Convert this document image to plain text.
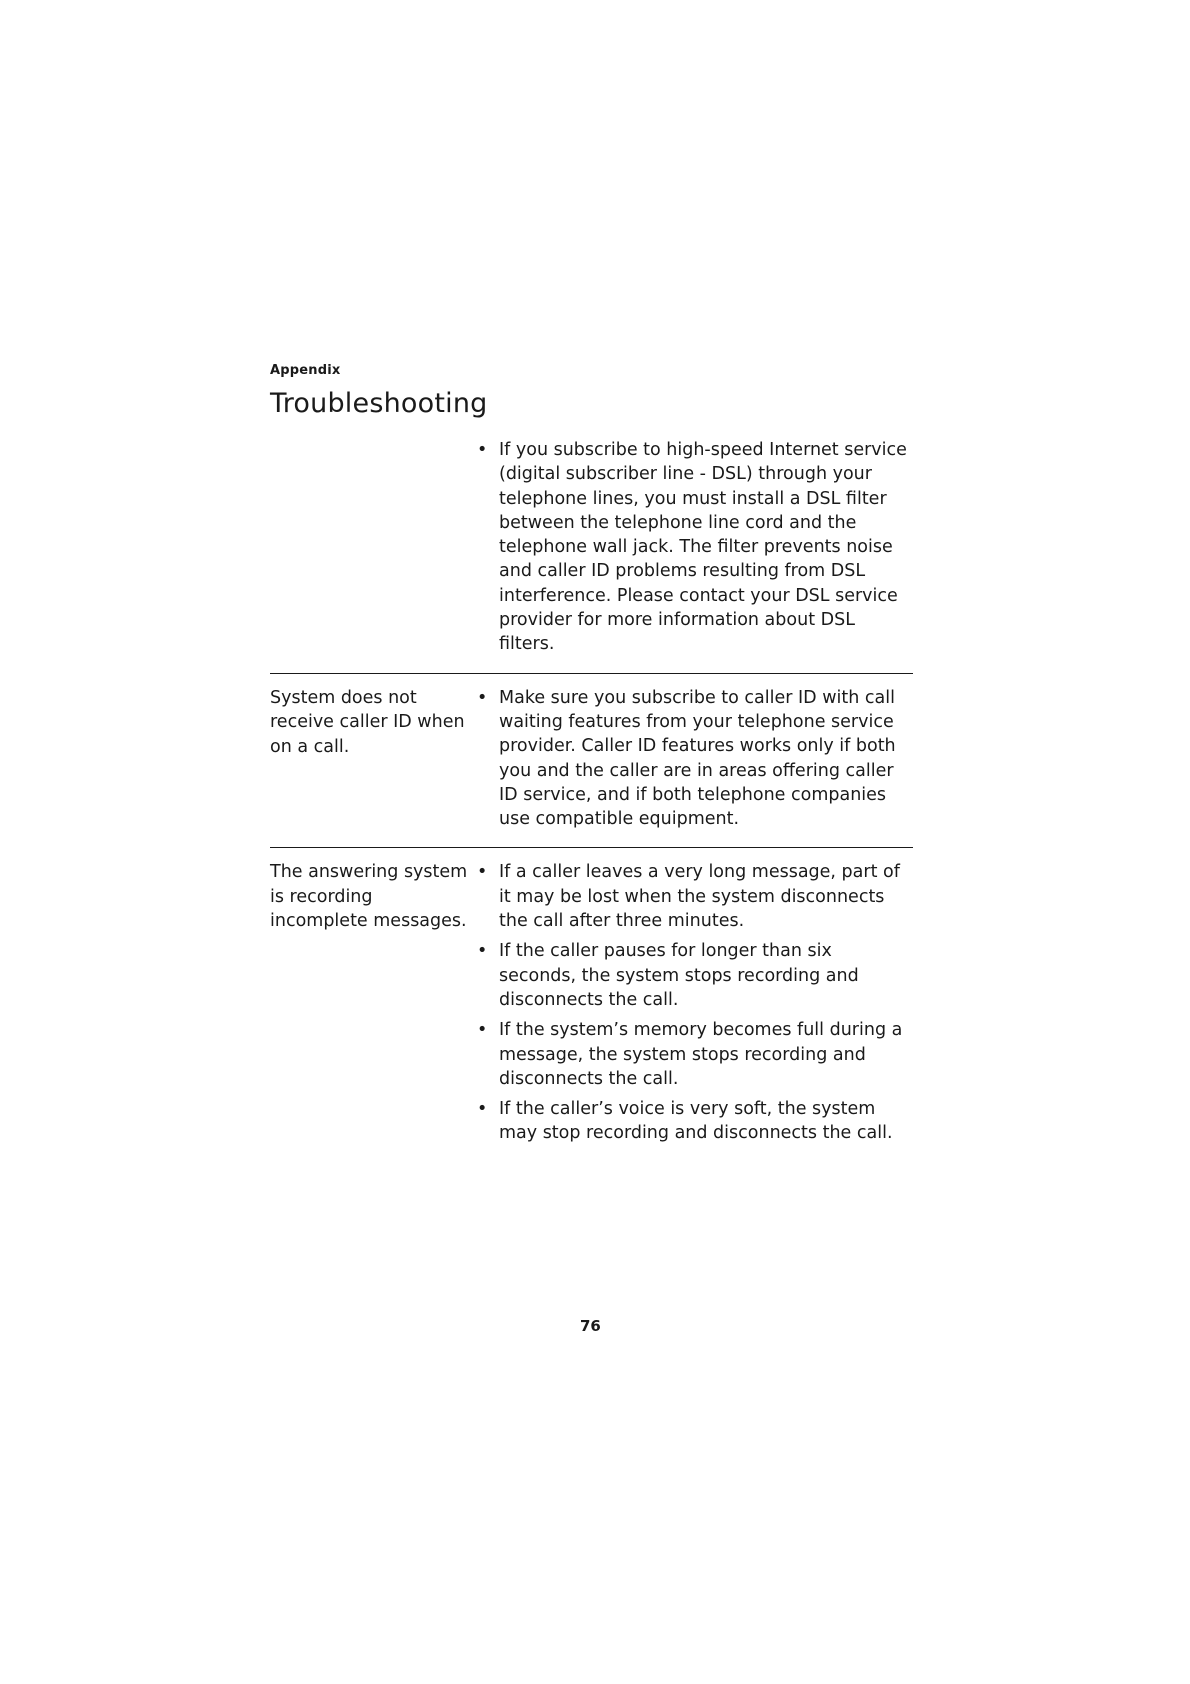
Appendix
Troubleshooting
• If you subscribe to high-speed Internet service (digital subscriber line - DSL) through your telephone lines, you must install a DSL filter between the telephone line cord and the telephone wall jack. The filter prevents noise and caller ID problems resulting from DSL interference. Please contact your DSL service provider for more information about DSL filters.
System does not receive caller ID when on a call.
• Make sure you subscribe to caller ID with call waiting features from your telephone service provider. Caller ID features works only if both you and the caller are in areas offering caller ID service, and if both telephone companies use compatible equipment.
The answering system is recording incomplete messages.
• If a caller leaves a very long message, part of it may be lost when the system disconnects the call after three minutes.
• If the caller pauses for longer than six seconds, the system stops recording and disconnects the call.
• If the system’s memory becomes full during a message, the system stops recording and disconnects the call.
• If the caller’s voice is very soft, the system may stop recording and disconnects the call.
76
